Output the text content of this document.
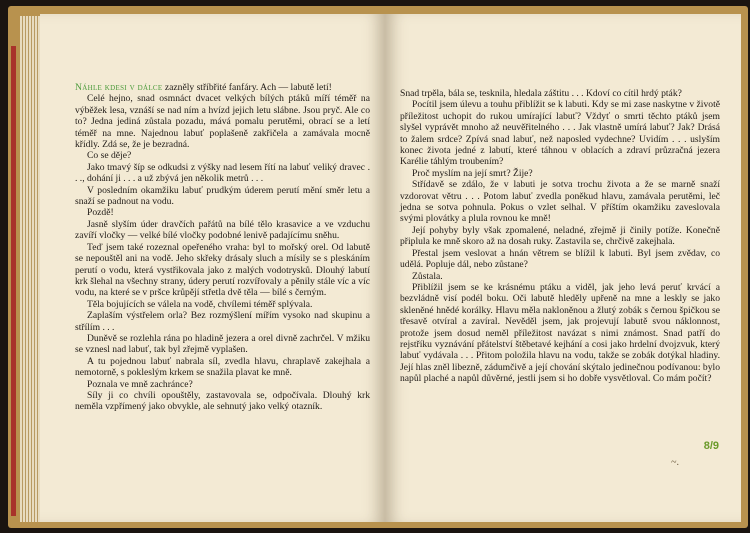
Náhle kdesi v dálce zazněly stříbřité fanfáry. Ach — labutě letí!

Celé hejno, snad osmnáct dvacet velkých bílých ptáků míří téměř na výběžek lesa, vznáší se nad ním a hvízd jejich letu slábne. Jsou pryč. Ale co to? Jedna jediná zůstala pozadu, mává pomalu perutěmi, obrací se a letí téměř na mne. Najednou labuť poplašeně zakřičela a zamávala mocně křídly. Zdá se, že je bezradná.

Co se děje?

Jako tmavý šíp se odkudsi z výšky nad lesem řítí na labuť veliký dravec . . ., dohání ji . . . a už zbývá jen několik metrů . . .

V posledním okamžiku labuť prudkým úderem perutí mění směr letu a snaží se padnout na vodu.

Pozdě!

Jasně slyším úder dravčích pařátů na bílé tělo krasavice a ve vzduchu zavíří vločky — velké bílé vločky podobné lenivě padajícímu sněhu.

Teď jsem také rozeznal opeřeného vraha: byl to mořský orel. Od labutě se nepouštěl ani na vodě. Jeho skřeky drásaly sluch a mísily se s pleskáním perutí o vodu, která vystřikovala jako z malých vodotrysků. Dlouhý labutí krk šlehal na všechny strany, údery perutí rozvířovaly a pěnily stále víc a víc vodu, na které se v pršce krůpějí střetla dvě těla — bílé s černým.

Těla bojujících se válela na vodě, chvílemi téměř splývala.

Zaplaším výstřelem orla? Bez rozmýšlení mířím vysoko nad skupinu a střílím . . .

Duněvě se rozlehla rána po hladině jezera a orel divně zachrčel. V mžiku se vznesl nad labuť, tak byl zřejmě vyplašen.

A tu pojednou labuť nabrala síl, zvedla hlavu, chraplavě zakejhala a nemotorně, s pokleslým krkem se snažila plavat ke mně.

Poznala ve mně zachránce?

Síly ji co chvíli opouštěly, zastavovala se, odpočívala. Dlouhý krk neměla vzpřímený jako obvykle, ale sehnutý jako velký otazník.

Snad trpěla, bála se, tesknila, hledala záštitu . . . Kdoví co cítil hrdý pták?

Pocítil jsem úlevu a touhu přiblížit se k labuti. Kdy se mi zase naskytne v životě příležitost uchopit do rukou umírající labuť? Vždyť o smrti těchto ptáků jsem slyšel vyprávět mnoho až neuvěřitelného . . . Jak vlastně umírá labuť? Jak? Drásá to žalem srdce? Zpívá snad labuť, než naposled vydechne? Uvidím . . . uslyším konec života jedné z labutí, které táhnou v oblacích a zdraví průzračná jezera Karélie táhlým troubením?

Proč myslím na její smrt? Žije?

Střídavě se zdálo, že v labuti je sotva trochu života a že se marně snaží vzdorovat větru . . . Potom labuť zvedla poněkud hlavu, zamávala perutěmi, leč jedna se sotva pohnula. Pokus o vzlet selhal. V příštím okamžiku zaveslovala svými plovátky a plula rovnou ke mně!

Její pohyby byly však zpomalené, neladné, zřejmě ji činily potíže. Konečně připlula ke mně skoro až na dosah ruky. Zastavila se, chrčivě zakejhala.

Přestal jsem veslovat a hnán větrem se blížil k labuti. Byl jsem zvědav, co udělá. Popluje dál, nebo zůstane?

Zůstala.

Přiblížil jsem se ke krásnému ptáku a viděl, jak jeho levá peruť krvácí a bezvládně visí podél boku. Oči labutě hleděly upřeně na mne a leskly se jako skleněné hnědé korálky. Hlavu měla nakloněnou a žlutý zobák s černou špičkou se třesavě otvíral a zavíral. Nevěděl jsem, jak projevují labutě svou náklonnost, protože jsem dosud neměl příležitost navázat s nimi známost. Snad patří do rejstříku vyznávání přátelství štěbetavé kejhání a cosi jako hrdelní dvojzvuk, který labuť vydávala . . . Přitom položila hlavu na vodu, takže se zobák dotýkal hladiny. Její hlas zněl libezně, zádumčivě a její chování skýtalo jedinečnou podívanou: bylo napůl plaché a napůl důvěrné, jestli jsem si ho dobře vysvětloval. Co mám počít?

8/9
~.
